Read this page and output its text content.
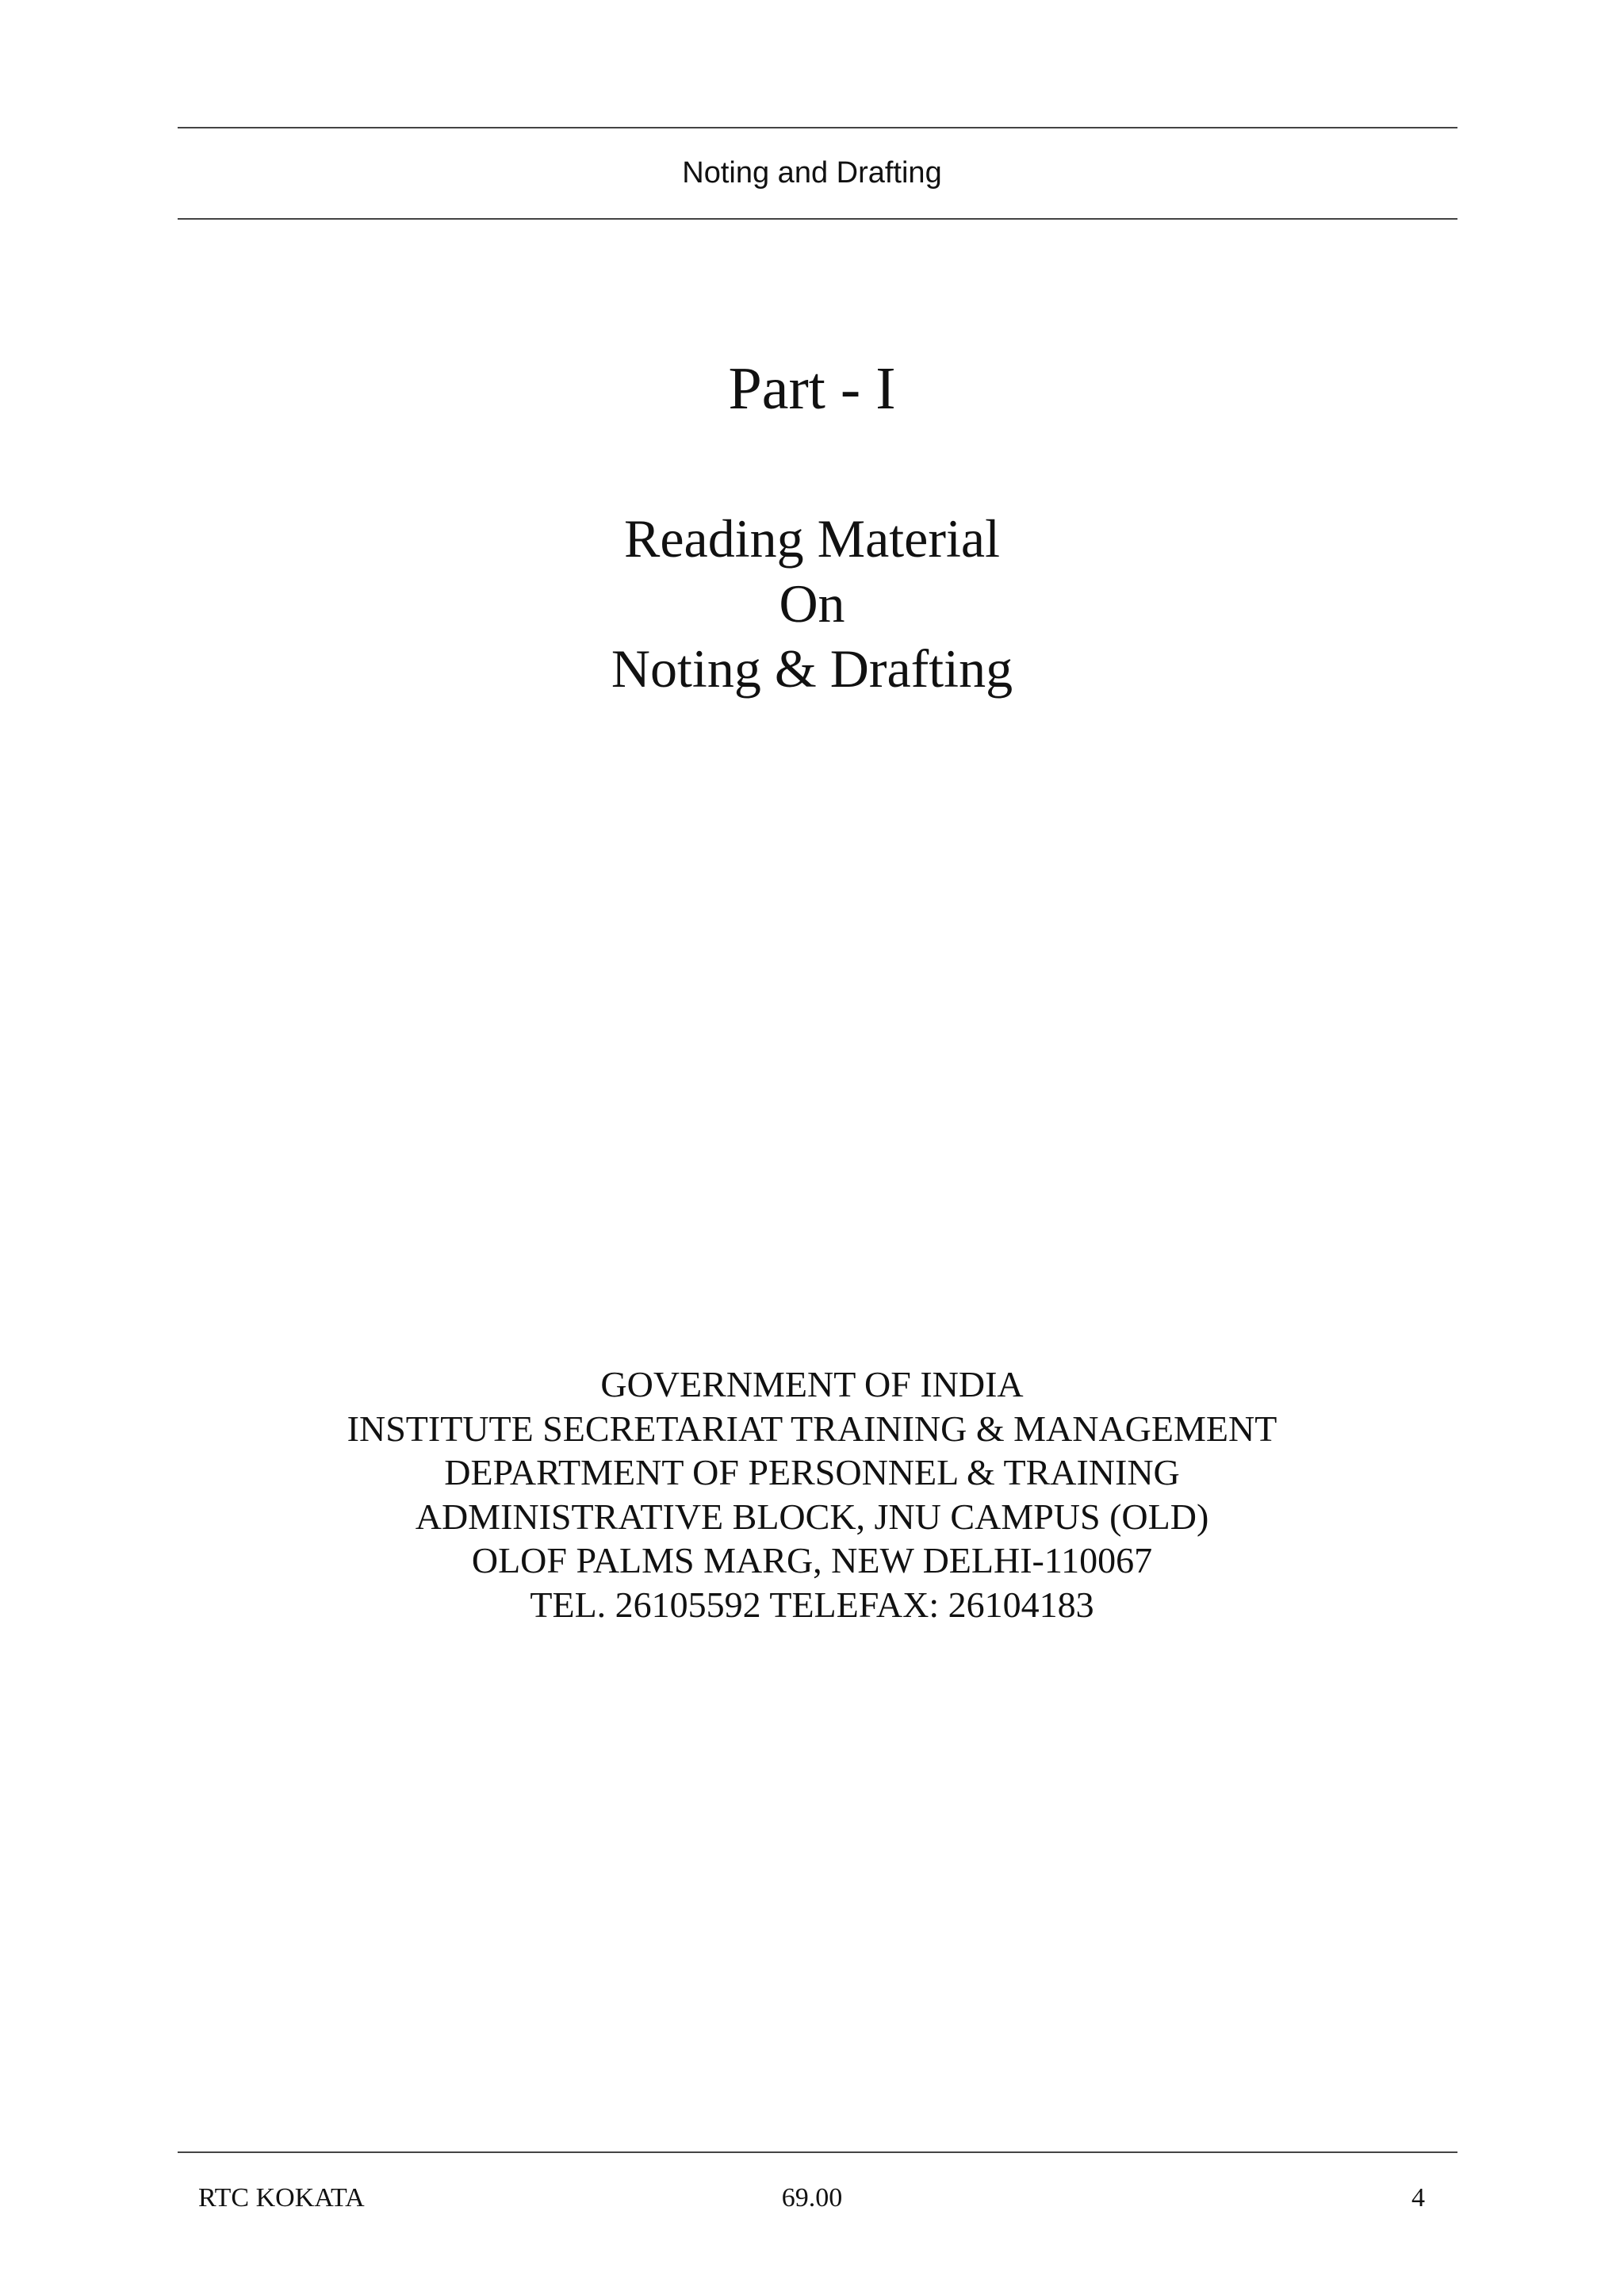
Noting and Drafting
Part - I
Reading Material
On
Noting & Drafting
GOVERNMENT OF INDIA
INSTITUTE SECRETARIAT TRAINING & MANAGEMENT
DEPARTMENT OF PERSONNEL & TRAINING
ADMINISTRATIVE BLOCK, JNU CAMPUS (OLD)
OLOF PALMS MARG, NEW DELHI-110067
TEL. 26105592 TELEFAX: 26104183
RTC KOKATA	69.00	4
